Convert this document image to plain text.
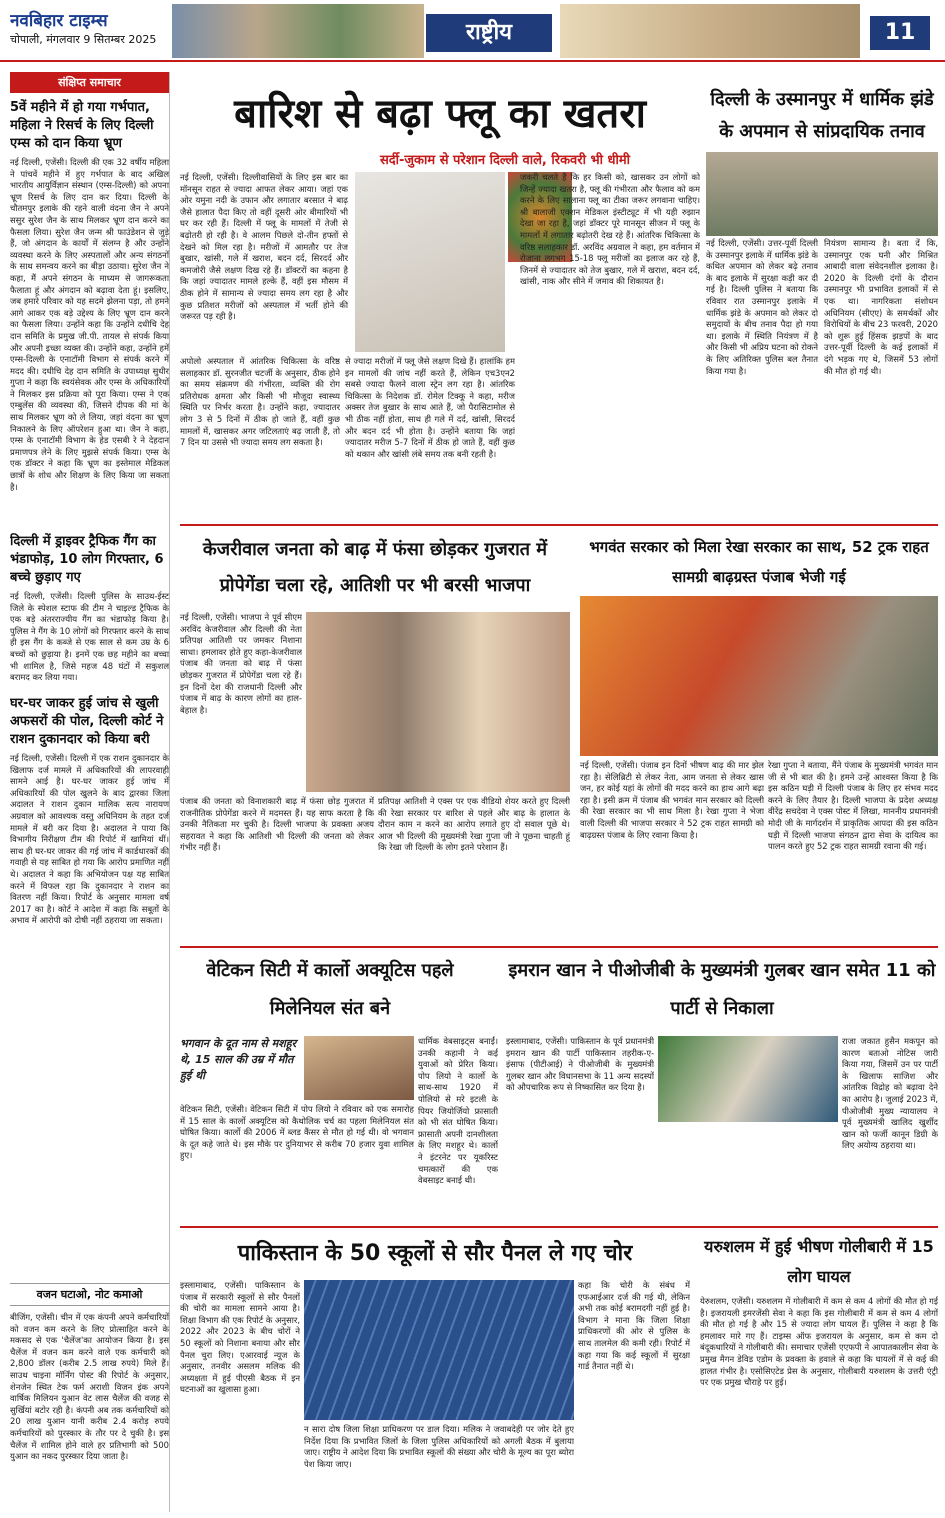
नवबिहार टाइम्स
चोपाली, मंगलवार 9 सितम्बर 2025	राष्ट्रीय	11
संक्षिप्त समाचार
5वें महीने में हो गया गर्भपात, महिला ने रिसर्च के लिए दिल्ली एम्स को दान किया भ्रूण
नई दिल्ली, एजेंसी। दिल्ली की एक 32 वर्षीय महिला ने पांचवें महीने में हुए गर्भपात के बाद अखिल भारतीय आयुर्विज्ञान संस्थान (एम्स-दिल्ली) को अपना भ्रूण रिसर्च के लिए दान कर दिया। दिल्ली के चौतमपुर इलाके की रहने वाली वंदना जैन ने अपने ससुर सुरेश जैन के साथ मिलकर भ्रूण दान करने का फैसला लिया। सुरेश जैन जन्म श्री फाउंडेशन से जुड़े हैं, जो अंगदान के कार्यों में संलग्न है और उन्होंने व्यवस्था करने के लिए अस्पतालों और अन्य संगठनों के साथ समन्वय करने का बीड़ा उठाया। सुरेश जैन ने कहा, मैं अपने संगठन के माध्यम से जागरूकता फैलाता हूं और अंगदान को बढ़ावा देता हूं। इसलिए, जब हमारे परिवार को यह सदमे झेलना पड़ा, तो हमने आगे आकर एक बड़े उद्देश्य के लिए भ्रूण दान करने का फैसला लिया। उन्होंने कहा कि उन्होंने दधीचि देह दान समिति के प्रमुख जी.पी. तायल से संपर्क किया और अपनी इच्छा व्यक्त की। उन्होंने कहा, उन्होंने हमें एम्स-दिल्ली के एनाटॉमी विभाग से संपर्क करने में मदद की। दधीचि देह दान समिति के उपाध्यक्ष सुधीर गुप्ता ने कहा कि स्वयंसेवक और एम्स के अधिकारियों ने मिलकर इस प्रक्रिया को पूरा किया। एम्स ने एक एम्बुलेंस की व्यवस्था की, जिसने दीपक की मां के साथ मिलकर भ्रूण को ले लिया, जहां वंदना का भ्रूण निकालने के लिए ऑपरेशन हुआ था। जैन ने कहा, एम्स के एनाटॉमी विभाग के हेड एसबी रे ने देहदान प्रमाणपत्र लेने के लिए मुझसे संपर्क किया। एम्स के एक डॉक्टर ने कहा कि भ्रूण का इस्तेमाल मेडिकल छात्रों के शोध और शिक्षण के लिए किया जा सकता है।
दिल्ली में ड्राइवर ट्रैफिक गैंग का भंडाफोड़, 10 लोग गिरफ्तार, 6 बच्चे छुड़ाए गए
नई दिल्ली, एजेंसी। दिल्ली पुलिस के साउथ-ईस्ट जिले के स्पेशल स्टाफ की टीम ने चाइल्ड ट्रैफिक के एक बड़े अंतरराज्यीय गैंग का भंडाफोड़ किया है। पुलिस ने गैंग के 10 लोगों को गिरफ्तार करने के साथ ही इस गैंग के कब्जे से एक साल से कम उम्र के 6 बच्चों को छुड़ाया है। इनमें एक छह महीने का बच्चा भी शामिल है, जिसे महज 48 घंटों में सकुशल बरामद कर लिया गया।
घर-घर जाकर हुई जांच से खुली अफसरों की पोल, दिल्ली कोर्ट ने राशन दुकानदार को किया बरी
नई दिल्ली, एजेंसी। दिल्ली में एक राशन दुकानदार के खिलाफ दर्ज मामले में अधिकारियों की लापरवाही सामने आई है। घर-घर जाकर हुई जांच में अधिकारियों की पोल खुलने के बाद द्वारका जिला अदालत ने राशन दुकान मालिक सत्य नारायण अग्रवाल को आवश्यक वस्तु अधिनियम के तहत दर्ज मामले में बरी कर दिया है। अदालत ने पाया कि विभागीय निरीक्षण टीम की रिपोर्ट में खामियां थीं। साथ ही घर-घर जाकर की गई जांच में कार्डधारकों की गवाही से यह साबित हो गया कि आरोप प्रमाणित नहीं थे। अदालत ने कहा कि अभियोजन पक्ष यह साबित करने में विफल रहा कि दुकानदार ने राशन का वितरण नहीं किया। रिपोर्ट के अनुसार मामला वर्ष 2017 का है। कोर्ट ने आदेश में कहा कि सबूतों के अभाव में आरोपी को दोषी नहीं ठहराया जा सकता।
वजन घटाओ, नोट कमाओ
बीजिंग, एजेंसी। चीन में एक कंपनी अपने कर्मचारियों को वजन कम करने के लिए प्रोत्साहित करने के मकसद से एक 'चैलेंज'का आयोजन किया है। इस चैलेंज में वजन कम करने वाले एक कर्मचारी को 2,800 डॉलर (करीब 2.5 लाख रुपये) मिले हैं। साउथ चाइना मॉर्निंग पोस्ट की रिपोर्ट के अनुसार, शेनजेन स्थित टेक फर्म अराशी विजन इंक अपने वार्षिक मिलियन युआन वेट लास चैलेंज की वजह से सुर्खियां बटोर रही है। कंपनी अब तक कर्मचारियों को 20 लाख युआन यानी करीब 2.4 करोड़ रुपये कर्मचारियों को पुरस्कार के तौर पर दे चुकी है। इस चैलेंज में शामिल होने वाले हर प्रतिभागी को 500 युआन का नकद पुरस्कार दिया जाता है।
बारिश से बढ़ा फ्लू का खतरा
सर्दी-जुकाम से परेशान दिल्ली वाले, रिकवरी भी धीमी
नई दिल्ली, एजेंसी। दिल्लीवासियों के लिए इस बार का मॉनसून राहत से ज्यादा आफत लेकर आया। जहां एक ओर यमुना नदी के उफान और लगातार बरसात ने बाढ़ जैसे हालात पैदा किए तो वहीं दूसरी ओर बीमारियों भी घर कर रही हैं। दिल्ली में फ्लू के मामलों में तेजी से बढ़ोतरी हो रही है। वे आलम पिछले दो-तीन हफ्तों से देखने को मिल रहा है। मरीजों में आमतौर पर तेज बुखार, खांसी, गले में खराश, बदन दर्द, सिरदर्द और कमजोरी जैसे लक्षण दिख रहे हैं। डॉक्टरों का कहना है कि जहां ज्यादातर मामले हल्के हैं, वहीं इस मौसम में ठीक होने में सामान्य से ज्यादा समय लग रहा है और कुछ प्रतिशत मरीजों को अस्पताल में भर्ती होने की जरूरत पड़ रही है।
अपोलो अस्पताल में आंतरिक चिकित्सा के वरिष्ठ सलाहकार डॉ. सुरनजीत चटर्जी के अनुसार, ठीक होने का समय संक्रमण की गंभीरता, व्यक्ति की रोग प्रतिरोधक क्षमता और किसी भी मौजूदा स्वास्थ्य स्थिति पर निर्भर करता है। उन्होंने कहा, ज्यादातर लोग 3 से 5 दिनों में ठीक हो जाते हैं, वहीं कुछ मामलों में, खासकर अगर जटिलताएं बढ़ जाती हैं, तो 7 दिन या उससे भी ज्यादा समय लग सकता है।
से ज्यादा मरीजों में फ्लू जैसे लक्षण दिखे हैं। हालांकि हम इन मामलों की जांच नहीं करते हैं, लेकिन एच3एन2 सबसे ज्यादा फैलने वाला स्ट्रेन लग रहा है। आंतरिक चिकित्सा के निदेशक डॉ. रोमेल टिक्कू ने कहा, मरीज अक्सर तेज बुखार के साथ आते हैं, जो पैरासिटामोल से भी ठीक नहीं होता, साथ ही गले में दर्द, खांसी, सिरदर्द और बदन दर्द भी होता है। उन्होंने बताया कि जहां ज्यादातर मरीज 5-7 दिनों में ठीक हो जाते हैं, वहीं कुछ को थकान और खांसी लंबे समय तक बनी रहती है।
जकरी चलते हैं कि हर किसी को, खासकर उन लोगों को जिन्हें ज्यादा खतरा है, फ्लू की गंभीरता और फैलाव को कम करने के लिए सालाना फ्लू का टीका जरूर लगवाना चाहिए। श्री बालाजी एक्शन मेडिकल इंस्टीट्यूट में भी यही रुझान देखा जा रहा है, जहां डॉक्टर पूरे मानसून सीजन में फ्लू के मामलों में लगातार बढ़ोतरी देख रहे हैं। आंतरिक चिकित्सा के वरिष्ठ सलाहकार डॉ. अरविंद अग्रवाल ने कहा, हम वर्तमान में रोजाना लगभग 15-18 फ्लू मरीजों का इलाज कर रहे हैं, जिनमें से ज्यादातर को तेज बुखार, गले में खराश, बदन दर्द, खांसी, नाक और सीने में जमाव की शिकायत है।
दिल्ली के उस्मानपुर में धार्मिक झंडे के अपमान से सांप्रदायिक तनाव
नई दिल्ली, एजेंसी। उत्तर-पूर्वी दिल्ली के उस्मानपुर इलाके में धार्मिक झंडे के कथित अपमान को लेकर बढ़े तनाव के बाद इलाके में सुरक्षा कड़ी कर दी गई है। दिल्ली पुलिस ने बताया कि रविवार रात उस्मानपुर इलाके में धार्मिक झंडे के अपमान को लेकर दो समुदायों के बीच तनाव पैदा हो गया था। इलाके में स्थिति नियंत्रण में है और किसी भी अप्रिय घटना को रोकने के लिए अतिरिक्त पुलिस बल तैनात किया गया है।
नियंत्रण सामान्य है। बता दें कि, उस्मानपुर एक घनी और मिश्रित आबादी वाला संवेदनशील इलाका है। 2020 के दिल्ली दंगों के दौरान उस्मानपुर भी प्रभावित इलाकों में से एक था। नागरिकता संशोधन अधिनियम (सीएए) के समर्थकों और विरोधियों के बीच 23 फरवरी, 2020 को शुरू हुई हिंसक झड़पों के बाद उत्तर-पूर्वी दिल्ली के कई इलाकों में दंगे भड़क गए थे, जिसमें 53 लोगों की मौत हो गई थी।
केजरीवाल जनता को बाढ़ में फंसा छोड़कर गुजरात में प्रोपेगेंडा चला रहे, आतिशी पर भी बरसी भाजपा
नई दिल्ली, एजेंसी। भाजपा ने पूर्व सीएम अरविंद केजरीवाल और दिल्ली की नेता प्रतिपक्ष आतिशी पर जमकर निशाना साधा। हमलावर होते हुए कहा-केजरीवाल पंजाब की जनता को बाढ़ में फंसा छोड़कर गुजरात में प्रोपेगेंडा चला रहे हैं। इन दिनों देश की राजधानी दिल्ली और पंजाब में बाढ़ के कारण लोगों का हाल-बेहाल है।
पंजाब की जनता को विनाशकारी बाढ़ में फंसा छोड़ गुजरात में राजनीतिक प्रोपेगेंडा करने में मदमस्त हैं। यह साफ करता है कि उनकी नैतिकता मर चुकी है। दिल्ली भाजपा के प्रवक्ता अजय सहरावत ने कहा कि आतिशी भी दिल्ली की जनता को लेकर गंभीर नहीं हैं।
प्रतिपक्ष आतिशी ने एक्स पर एक वीडियो शेयर करते हुए दिल्ली की रेखा सरकार पर बारिश से पहले और बाढ़ के हालात के दौरान काम न करने का आरोप लगाते हुए दो सवाल पूछे थे। आज भी दिल्ली की मुख्यमंत्री रेखा गुप्ता जी ने पूछना चाहती हूं कि रेखा जी दिल्ली के लोग इतने परेशान हैं।
भगवंत सरकार को मिला रेखा सरकार का साथ, 52 ट्रक राहत सामग्री बाढ़ग्रस्त पंजाब भेजी गई
नई दिल्ली, एजेंसी। पंजाब इन दिनों भीषण बाढ़ की मार झेल रहा है। सेलिब्रिटी से लेकर नेता, आम जनता से लेकर खास जन, हर कोई यहां के लोगों की मदद करने का हाथ आगे बढ़ा रहा है। इसी क्रम में पंजाब की भगवंत मान सरकार को दिल्ली की रेखा सरकार का भी साथ मिला है। रेखा गुप्ता ने भेजा वाली दिल्ली की भाजपा सरकार ने 52 ट्रक राहत सामग्री को बाढ़ग्रस्त पंजाब के लिए रवाना किया है।
रेखा गुप्ता ने बताया, मैंने पंजाब के मुख्यमंत्री भगवंत मान जी से भी बात की है। हमने उन्हें आश्वस्त किया है कि इस कठिन घड़ी में दिल्ली पंजाब के लिए हर संभव मदद करने के लिए तैयार है। दिल्ली भाजपा के प्रदेश अध्यक्ष वीरेंद्र सचदेवा ने एक्स पोस्ट में लिखा, माननीय प्रधानमंत्री मोदी जी के मार्गदर्शन में प्राकृतिक आपदा की इस कठिन घड़ी में दिल्ली भाजपा संगठन द्वारा सेवा के दायित्व का पालन करते हुए 52 ट्रक राहत सामग्री रवाना की गई।
वेटिकन सिटी में कार्लो अक्यूटिस पहले मिलेनियल संत बने
भगवान के दूत नाम से मशहूर थे, 15 साल की उम्र में मौत हुई थी
वेटिकन सिटी, एजेंसी। वेटिकन सिटी में पोप लियो ने रविवार को एक समारोह में 15 साल के कार्लो अक्यूटिस को कैथोलिक चर्च का पहला मिलेनियल संत घोषित किया। कार्लो की 2006 में ब्लड कैंसर से मौत हो गई थी। वो भगवान के दूत कहे जाते थे। इस मौके पर दुनियाभर से करीब 70 हजार युवा शामिल हुए।
धार्मिक वेबसाइट्स बनाईं। उनकी कहानी ने कई युवाओं को प्रेरित किया। पोप लियो ने कार्लो के साथ-साथ 1920 में पोलियो से मरे इटली के पियर जियोर्जियो फ्रासाती को भी संत घोषित किया। फ्रासाती अपनी दानशीलता के लिए मशहूर थे। कार्लो ने इंटरनेट पर यूकरिस्ट चमत्कारों की एक वेबसाइट बनाई थी।
इमरान खान ने पीओजीबी के मुख्यमंत्री गुलबर खान समेत 11 को पार्टी से निकाला
इस्लामाबाद, एजेंसी। पाकिस्तान के पूर्व प्रधानमंत्री इमरान खान की पार्टी पाकिस्तान तहरीक-ए-इंसाफ (पीटीआई) ने पीओजीबी के मुख्यमंत्री गुलबर खान और विधानसभा के 11 अन्य सदस्यों को औपचारिक रूप से निष्कासित कर दिया है।
राजा जकात हुसैन मकपून को कारण बताओ नोटिस जारी किया गया, जिसमें उन पर पार्टी के खिलाफ साजिश और आंतरिक विद्रोह को बढ़ावा देने का आरोप है। जुलाई 2023 में, पीओजीबी मुख्य न्यायालय ने पूर्व मुख्यमंत्री खालिद खुर्शीद खान को फर्जी कानून डिग्री के लिए अयोग्य ठहराया था।
पाकिस्तान के 50 स्कूलों से सौर पैनल ले गए चोर
इस्लामाबाद, एजेंसी। पाकिस्तान के पंजाब में सरकारी स्कूलों से सौर पैनलों की चोरी का मामला सामने आया है। शिक्षा विभाग की एक रिपोर्ट के अनुसार, 2022 और 2023 के बीच चोरों ने 50 स्कूलों को निशाना बनाया और सौर पैनल चुरा लिए। एआरवाई न्यूज के अनुसार, तनवीर असलम मलिक की अध्यक्षता में हुई पीएसी बैठक में इन घटनाओं का खुलासा हुआ।
कहा कि चोरी के संबंध में एफआईआर दर्ज की गई थी, लेकिन अभी तक कोई बरामदगी नहीं हुई है। विभाग ने माना कि जिला शिक्षा प्राधिकरणों की ओर से पुलिस के साथ तालमेल की कमी रही। रिपोर्ट में कहा गया कि कई स्कूलों में सुरक्षा गार्ड तैनात नहीं थे।
न सारा दोष जिला शिक्षा प्राधिकरण पर डाल दिया। मलिक ने जवाबदेही पर जोर देते हुए निर्देश दिया कि प्रभावित जिलों के जिला पुलिस अधिकारियों को अगली बैठक में बुलाया जाए। राष्ट्रीय ने आदेश दिया कि प्रभावित स्कूलों की संख्या और चोरी के मूल्य का पूरा ब्योरा पेश किया जाए।
यरुशलम में हुई भीषण गोलीबारी में 15 लोग घायल
येरुशलम, एजेंसी। यरुशलम में गोलीबारी में कम से कम 4 लोगों की मौत हो गई है। इजरायली इमरजेंसी सेवा ने कहा कि इस गोलीबारी में कम से कम 4 लोगों की मौत हो गई है और 15 से ज्यादा लोग घायल हैं। पुलिस ने कहा है कि हमलावर मारे गए हैं। टाइम्स ऑफ इजरायल के अनुसार, कम से कम दो बंदूकधारियों ने गोलीबारी की। समाचार एजेंसी एएफपी ने आपातकालीन सेवा के प्रमुख मैगन डेविड एडोम के प्रवक्ता के हवाले से कहा कि घायलों में से कई की हालत गंभीर है। एसोसिएटेड प्रेस के अनुसार, गोलीबारी यरुशलम के उत्तरी एंट्री पर एक प्रमुख चौराहे पर हुई।
